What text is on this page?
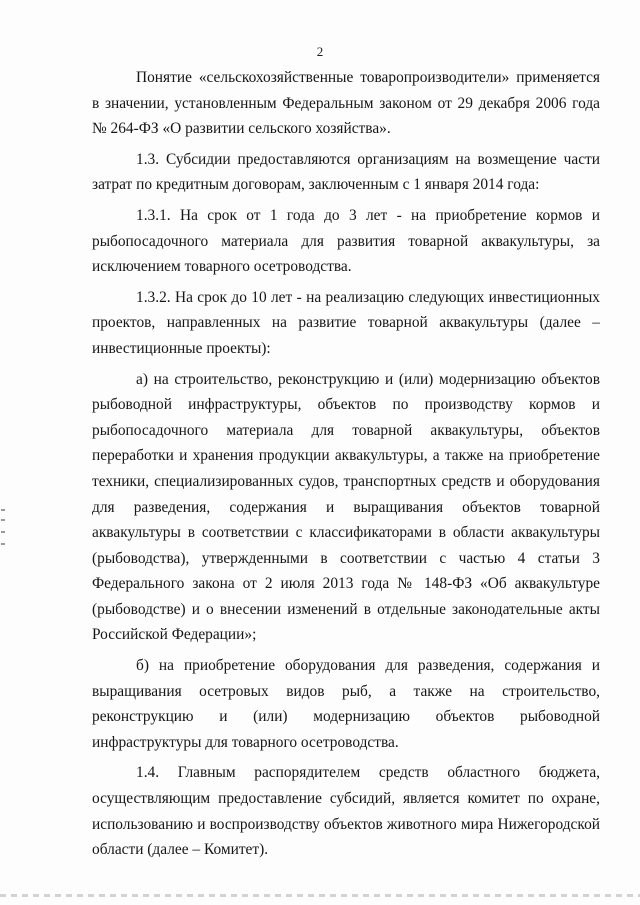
2

Понятие «сельскохозяйственные товаропроизводители» применяется в значении, установленным Федеральным законом от 29 декабря 2006 года № 264-ФЗ «О развитии сельского хозяйства».

1.3. Субсидии предоставляются организациям на возмещение части затрат по кредитным договорам, заключенным с 1 января 2014 года:

1.3.1. На срок от 1 года до 3 лет - на приобретение кормов и рыбопосадочного материала для развития товарной аквакультуры, за исключением товарного осетроводства.

1.3.2. На срок до 10 лет - на реализацию следующих инвестиционных проектов, направленных на развитие товарной аквакультуры (далее – инвестиционные проекты):

а) на строительство, реконструкцию и (или) модернизацию объектов рыбоводной инфраструктуры, объектов по производству кормов и рыбопосадочного материала для товарной аквакультуры, объектов переработки и хранения продукции аквакультуры, а также на приобретение техники, специализированных судов, транспортных средств и оборудования для разведения, содержания и выращивания объектов товарной аквакультуры в соответствии с классификаторами в области аквакультуры (рыбоводства), утвержденными в соответствии с частью 4 статьи 3 Федерального закона от 2 июля 2013 года № 148-ФЗ «Об аквакультуре (рыбоводстве) и о внесении изменений в отдельные законодательные акты Российской Федерации»;

б) на приобретение оборудования для разведения, содержания и выращивания осетровых видов рыб, а также на строительство, реконструкцию и (или) модернизацию объектов рыбоводной инфраструктуры для товарного осетроводства.

1.4. Главным распорядителем средств областного бюджета, осуществляющим предоставление субсидий, является комитет по охране, использованию и воспроизводству объектов животного мира Нижегородской области (далее – Комитет).
